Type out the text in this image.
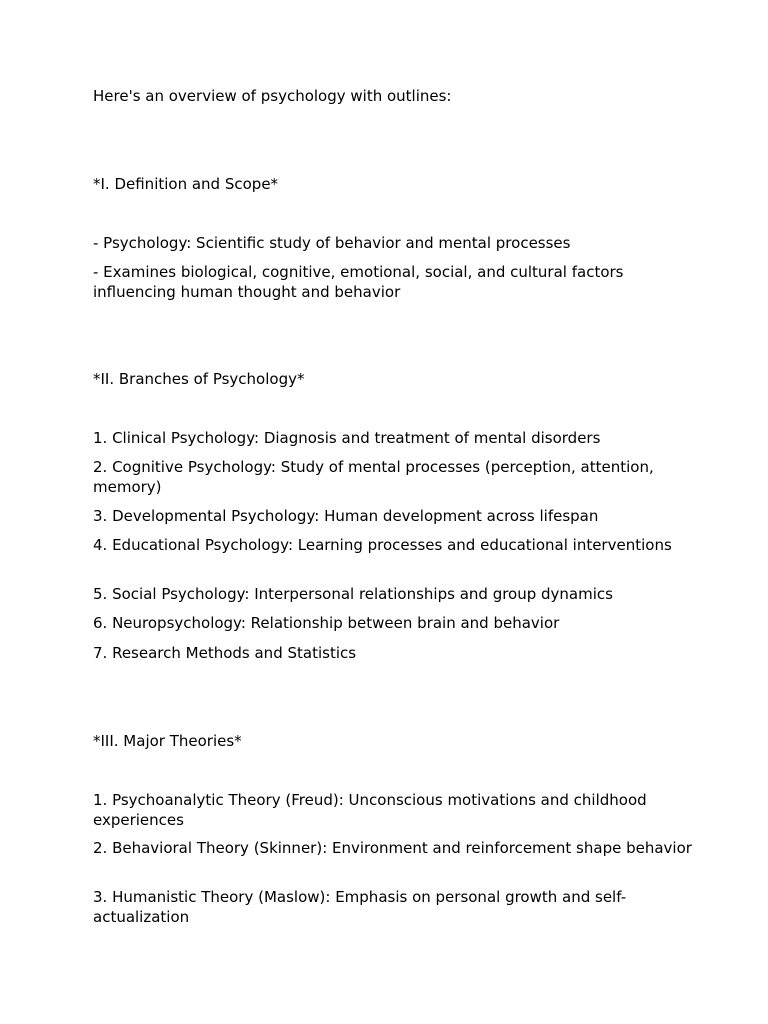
Here's an overview of psychology with outlines:
*I. Definition and Scope*
- Psychology: Scientific study of behavior and mental processes
- Examines biological, cognitive, emotional, social, and cultural factors influencing human thought and behavior
*II. Branches of Psychology*
1. Clinical Psychology: Diagnosis and treatment of mental disorders
2. Cognitive Psychology: Study of mental processes (perception, attention, memory)
3. Developmental Psychology: Human development across lifespan
4. Educational Psychology: Learning processes and educational interventions
5. Social Psychology: Interpersonal relationships and group dynamics
6. Neuropsychology: Relationship between brain and behavior
7. Research Methods and Statistics
*III. Major Theories*
1. Psychoanalytic Theory (Freud): Unconscious motivations and childhood experiences
2. Behavioral Theory (Skinner): Environment and reinforcement shape behavior
3. Humanistic Theory (Maslow): Emphasis on personal growth and self-actualization
